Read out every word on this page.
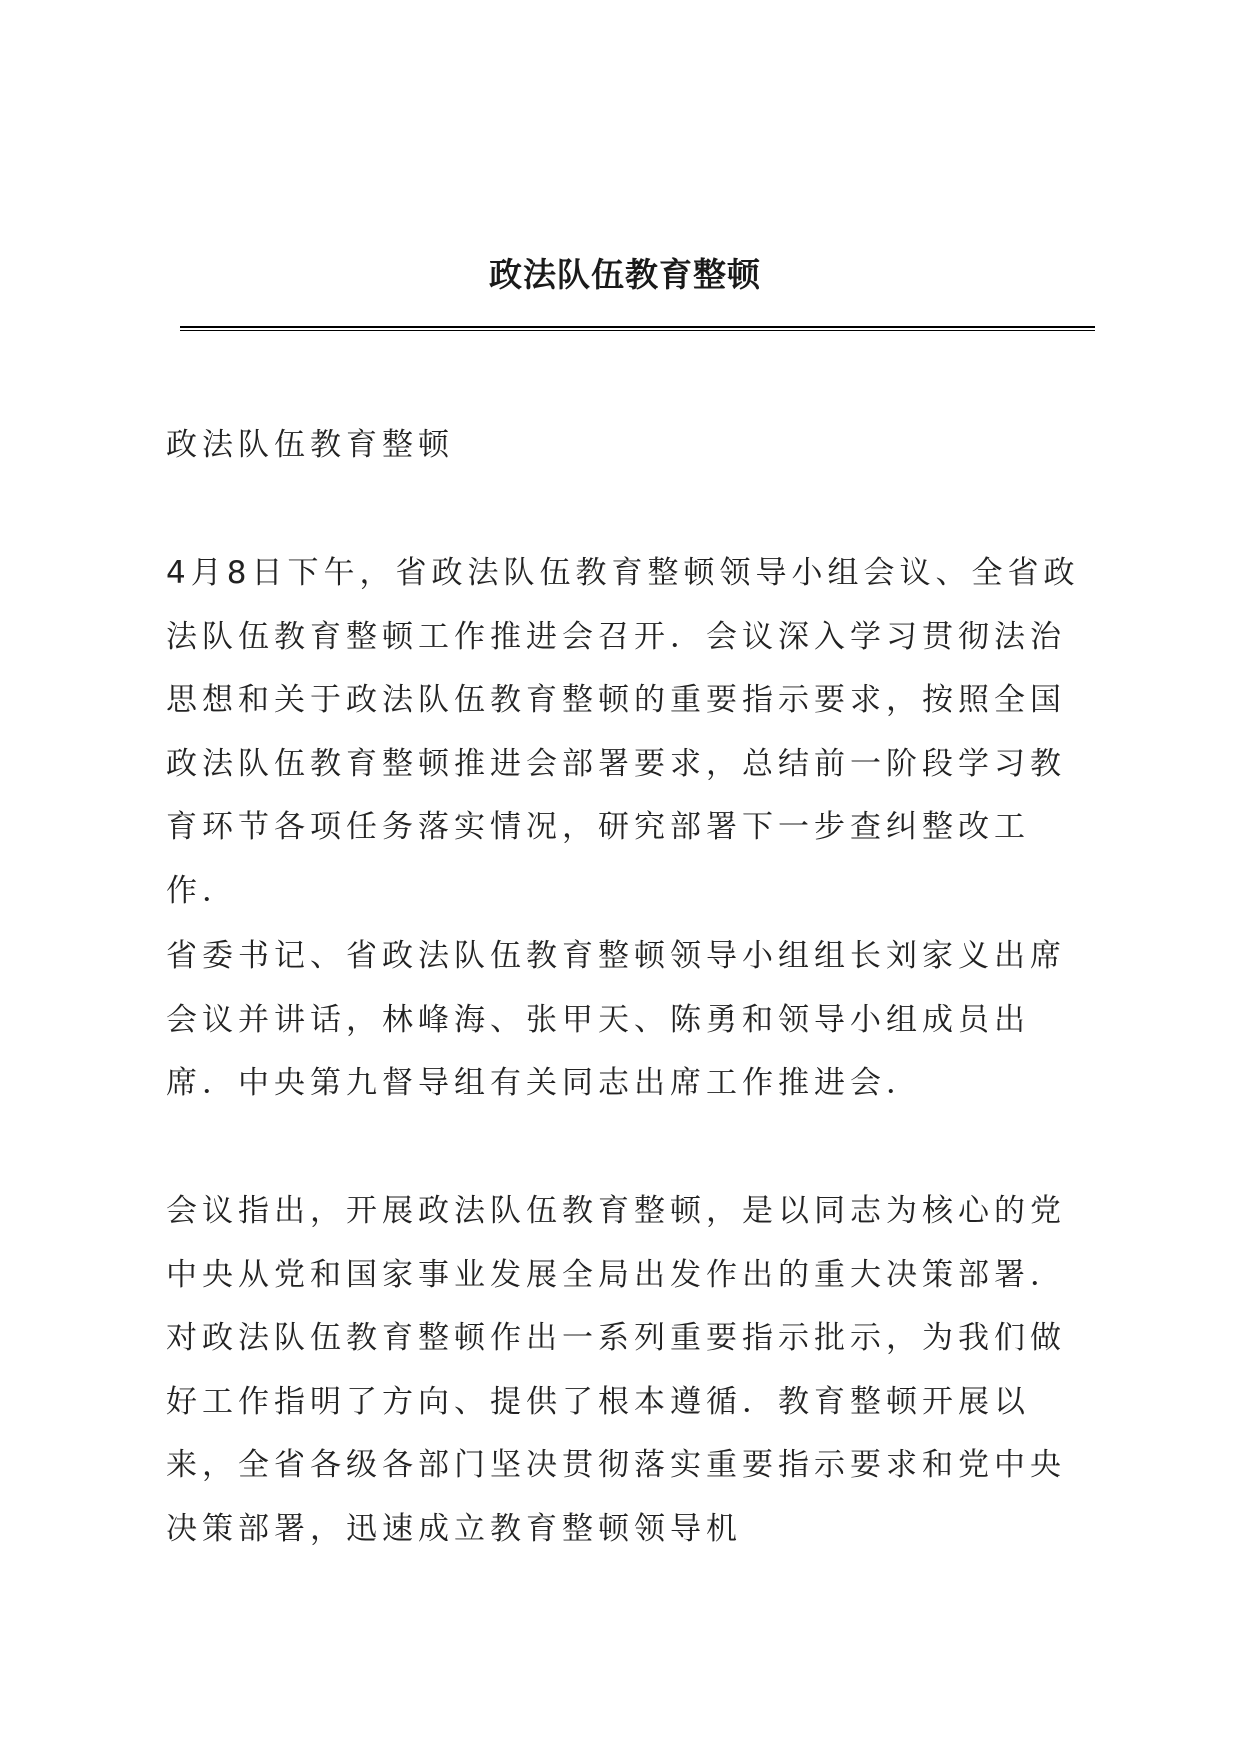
政法队伍教育整顿

政法队伍教育整顿

4月8日下午，省政法队伍教育整顿领导小组会议、全省政法队伍教育整顿工作推进会召开．会议深入学习贯彻法治思想和关于政法队伍教育整顿的重要指示要求，按照全国政法队伍教育整顿推进会部署要求，总结前一阶段学习教育环节各项任务落实情况，研究部署下一步查纠整改工作．

省委书记、省政法队伍教育整顿领导小组组长刘家义出席会议并讲话，林峰海、张甲天、陈勇和领导小组成员出席．中央第九督导组有关同志出席工作推进会．

会议指出，开展政法队伍教育整顿，是以同志为核心的党中央从党和国家事业发展全局出发作出的重大决策部署．对政法队伍教育整顿作出一系列重要指示批示，为我们做好工作指明了方向、提供了根本遵循．教育整顿开展以来，全省各级各部门坚决贯彻落实重要指示要求和党中央决策部署，迅速成立教育整顿领导机
